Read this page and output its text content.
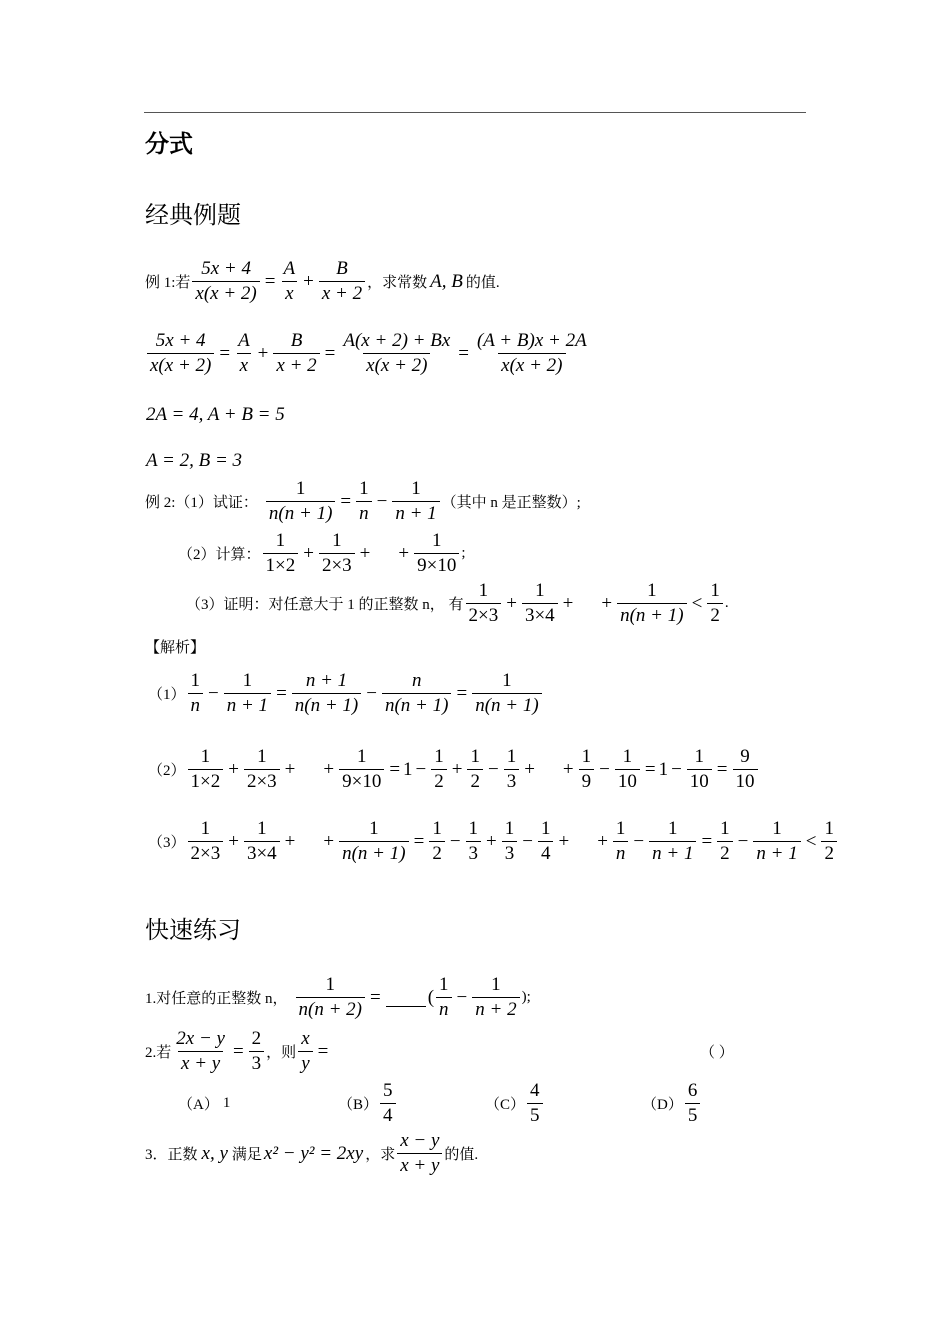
分式
经典例题
例 1:若 $\frac{5x + 4}{x(x + 2)} = \frac{A}{x} + \frac{B}{x + 2}$ ，求常数 A, B 的值.
$\frac{5x + 4}{x(x + 2)} = \frac{A}{x} + \frac{B}{x + 2} = \frac{A(x + 2) + Bx}{x(x + 2)} = \frac{(A + B)x + 2A}{x(x + 2)}$
2A = 4, A + B = 5
A = 2, B = 3
例 2:（1）试证： $\frac{1}{n(n + 1)} = \frac{1}{n} - \frac{1}{n + 1}$ （其中 n 是正整数）;
（2）计算： $\frac{1}{1\times 2} + \frac{1}{2\times 3}$ + + $\frac{1}{9\times 10}$ ;
（3）证明：对任意大于 1 的正整数 n， 有 $\frac{1}{2\times 3} + \frac{1}{3\times 4}$ + + $\frac{1}{n(n + 1)} < \frac{1}{2}$ .
【解析】
$(1) \frac{1}{n} - \frac{1}{n + 1} = \frac{n + 1}{n(n + 1)} - \frac{n}{n(n + 1)} = \frac{1}{n(n + 1)}$
$(2) \frac{1}{1\times 2} + \frac{1}{2\times 3}$ + + $\frac{1}{9\times 10} = 1 - \frac{1}{2} + \frac{1}{2} - \frac{1}{3}$ + + $\frac{1}{9} - \frac{1}{10} = 1 - \frac{1}{10} = \frac{9}{10}$
$(3) \frac{1}{2\times 3} + \frac{1}{3\times 4}$ + + $\frac{1}{n(n + 1)} = \frac{1}{2} - \frac{1}{3} + \frac{1}{3} - \frac{1}{4}$ + + $\frac{1}{n} - \frac{1}{n + 1} = \frac{1}{2} - \frac{1}{n + 1} < \frac{1}{2}$
快速练习
1.对任意的正整数 n， $\frac{1}{n(n + 2)}$ = ( $\frac{1}{n} - \frac{1}{n + 2}$ );
2.若 $\frac{2x - y}{x + y} = \frac{2}{3}$ ，则 $\frac{x}{y}$ =	（ ）
（A） 1	$(B) \frac{5}{4}$	$(C) \frac{4}{5}$	$(D) \frac{6}{5}$
3．正数 x, y 满足 x² − y² = 2xy ，求 $\frac{x - y}{x + y}$ 的值.
